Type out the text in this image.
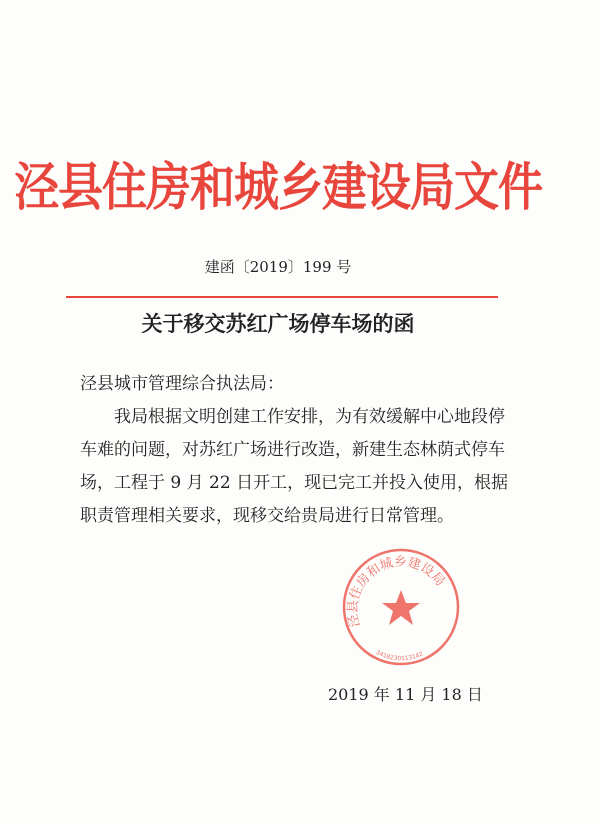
泾县住房和城乡建设局文件
建函〔2019〕199 号
关于移交苏红广场停车场的函

泾县城市管理综合执法局：

我局根据文明创建工作安排，为有效缓解中心地段停车难的问题，对苏红广场进行改造，新建生态林荫式停车场，工程于 9 月 22 日开工，现已完工并投入使用，根据职责管理相关要求，现移交给贵局进行日常管理。

泾县住房和城乡建设局
3418230113142
2019 年 11 月 18 日
